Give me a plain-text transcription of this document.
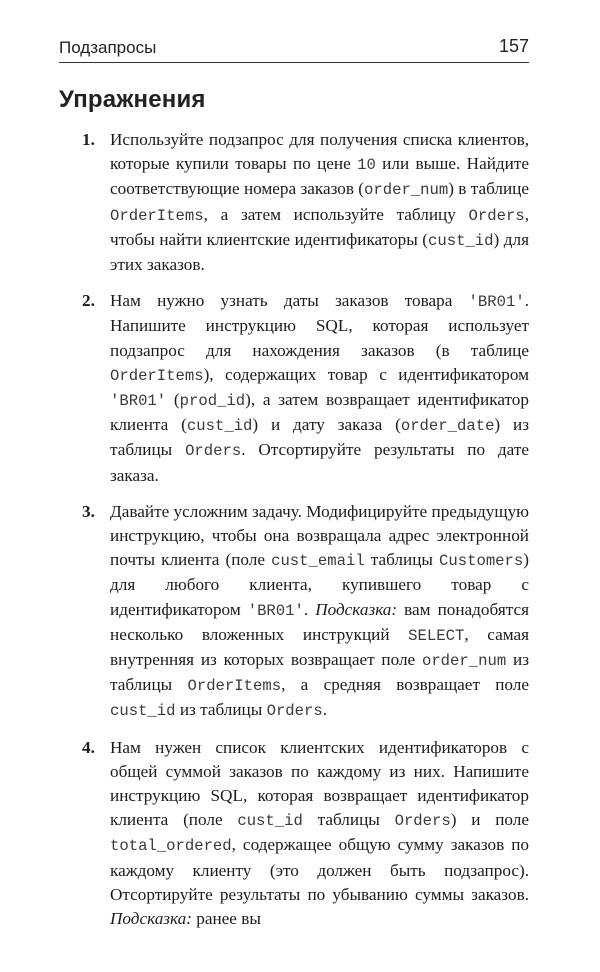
Подзапросы	157
Упражнения
1. Используйте подзапрос для получения списка клиентов, которые купили товары по цене 10 или выше. Найдите соответствующие номера заказов (order_num) в таблице OrderItems, а затем используйте таблицу Orders, чтобы найти клиентские идентификаторы (cust_id) для этих заказов.
2. Нам нужно узнать даты заказов товара 'BR01'. Напишите инструкцию SQL, которая использует подзапрос для нахождения заказов (в таблице OrderItems), содержащих товар с идентификатором 'BR01' (prod_id), а затем возвращает идентификатор клиента (cust_id) и дату заказа (order_date) из таблицы Orders. Отсортируйте результаты по дате заказа.
3. Давайте усложним задачу. Модифицируйте предыдущую инструкцию, чтобы она возвращала адрес электронной почты клиента (поле cust_email таблицы Customers) для любого клиента, купившего товар с идентификатором 'BR01'. Подсказка: вам понадобятся несколько вложенных инструкций SELECT, самая внутренняя из которых возвращает поле order_num из таблицы OrderItems, а средняя возвращает поле cust_id из таблицы Orders.
4. Нам нужен список клиентских идентификаторов с общей суммой заказов по каждому из них. Напишите инструкцию SQL, которая возвращает идентификатор клиента (поле cust_id таблицы Orders) и поле total_ordered, содержащее общую сумму заказов по каждому клиенту (это должен быть подзапрос). Отсортируйте результаты по убыванию суммы заказов. Подсказка: ранее вы
